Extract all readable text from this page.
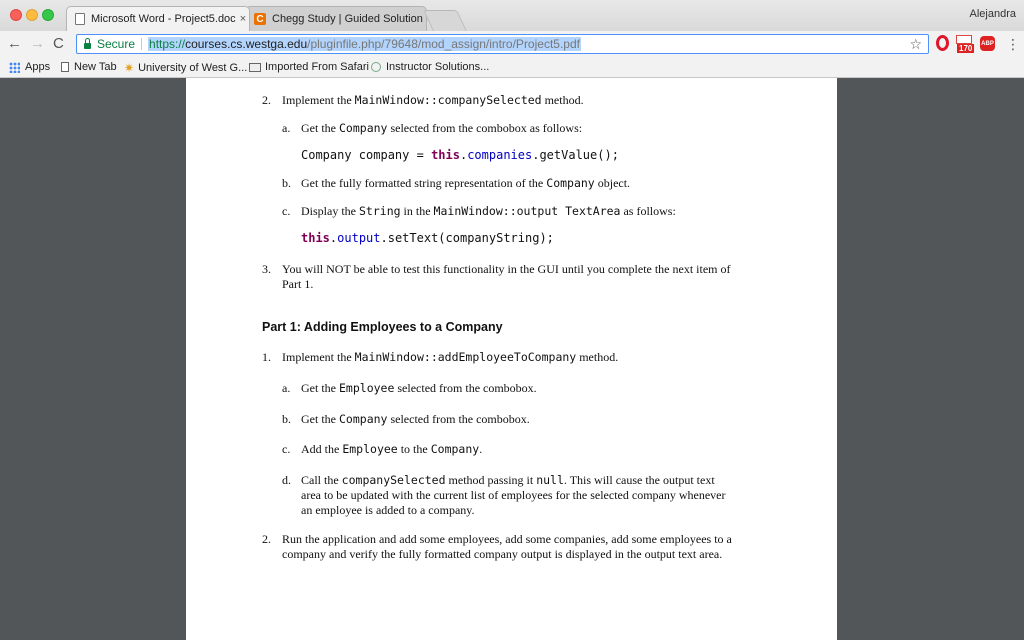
Microsoft Word - Project5.doc × C Chegg Study | Guided Solution	Alejandra
← → C	Secure https://courses.cs.westga.edu/pluginfile.php/79648/mod_assign/intro/Project5.pdf	☆	170
ABP ⋮
Apps New Tab ✷ University of West G... Imported From Safari Instructor Solutions...
2. Implement the MainWindow::companySelected method.
a. Get the Company selected from the combobox as follows:
Company company = this.companies.getValue();
b. Get the fully formatted string representation of the Company object.
c. Display the String in the MainWindow::output TextArea as follows:
this.output.setText(companyString);
3. You will NOT be able to test this functionality in the GUI until you complete the next item of
Part 1.
Part 1: Adding Employees to a Company
1. Implement the MainWindow::addEmployeeToCompany method.
a. Get the Employee selected from the combobox.
b. Get the Company selected from the combobox.
c. Add the Employee to the Company.
d. Call the companySelected method passing it null. This will cause the output text
area to be updated with the current list of employees for the selected company whenever
an employee is added to a company.
2. Run the application and add some employees, add some companies, add some employees to a
company and verify the fully formatted company output is displayed in the output text area.
